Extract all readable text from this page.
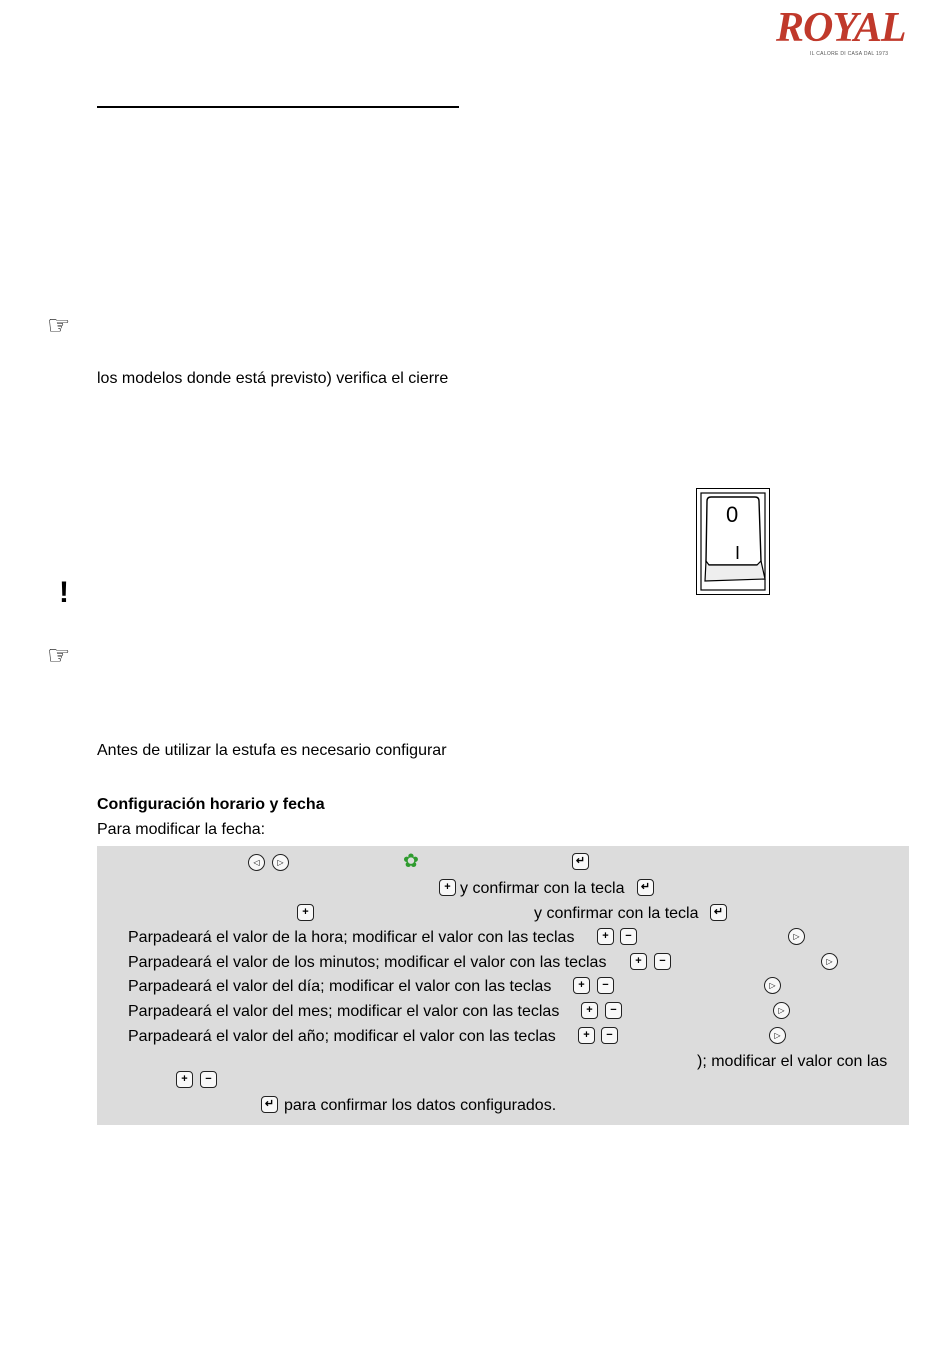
ROYAL
IL CALORE DI CASA DAL 1973
☞
los modelos donde está previsto) verifica el cierre
0
I
!
☞
Antes de utilizar la estufa es necesario configurar
Configuración horario y fecha
Para modificar la fecha:
◁	▷	✿	↵
+ y confirmar con la tecla	↵
+	y confirmar con la tecla	↵
Parpadeará el valor de la hora; modificar el valor con las teclas	+	−	▷
Parpadeará el valor de los minutos; modificar el valor con las teclas	+	−	▷
Parpadeará el valor del día; modificar el valor con las teclas	+	−	▷
Parpadeará el valor del mes; modificar el valor con las teclas	+	−	▷
Parpadeará el valor del año; modificar el valor con las teclas	+	−	▷
); modificar el valor con las
+	−
↵ para confirmar los datos configurados.
